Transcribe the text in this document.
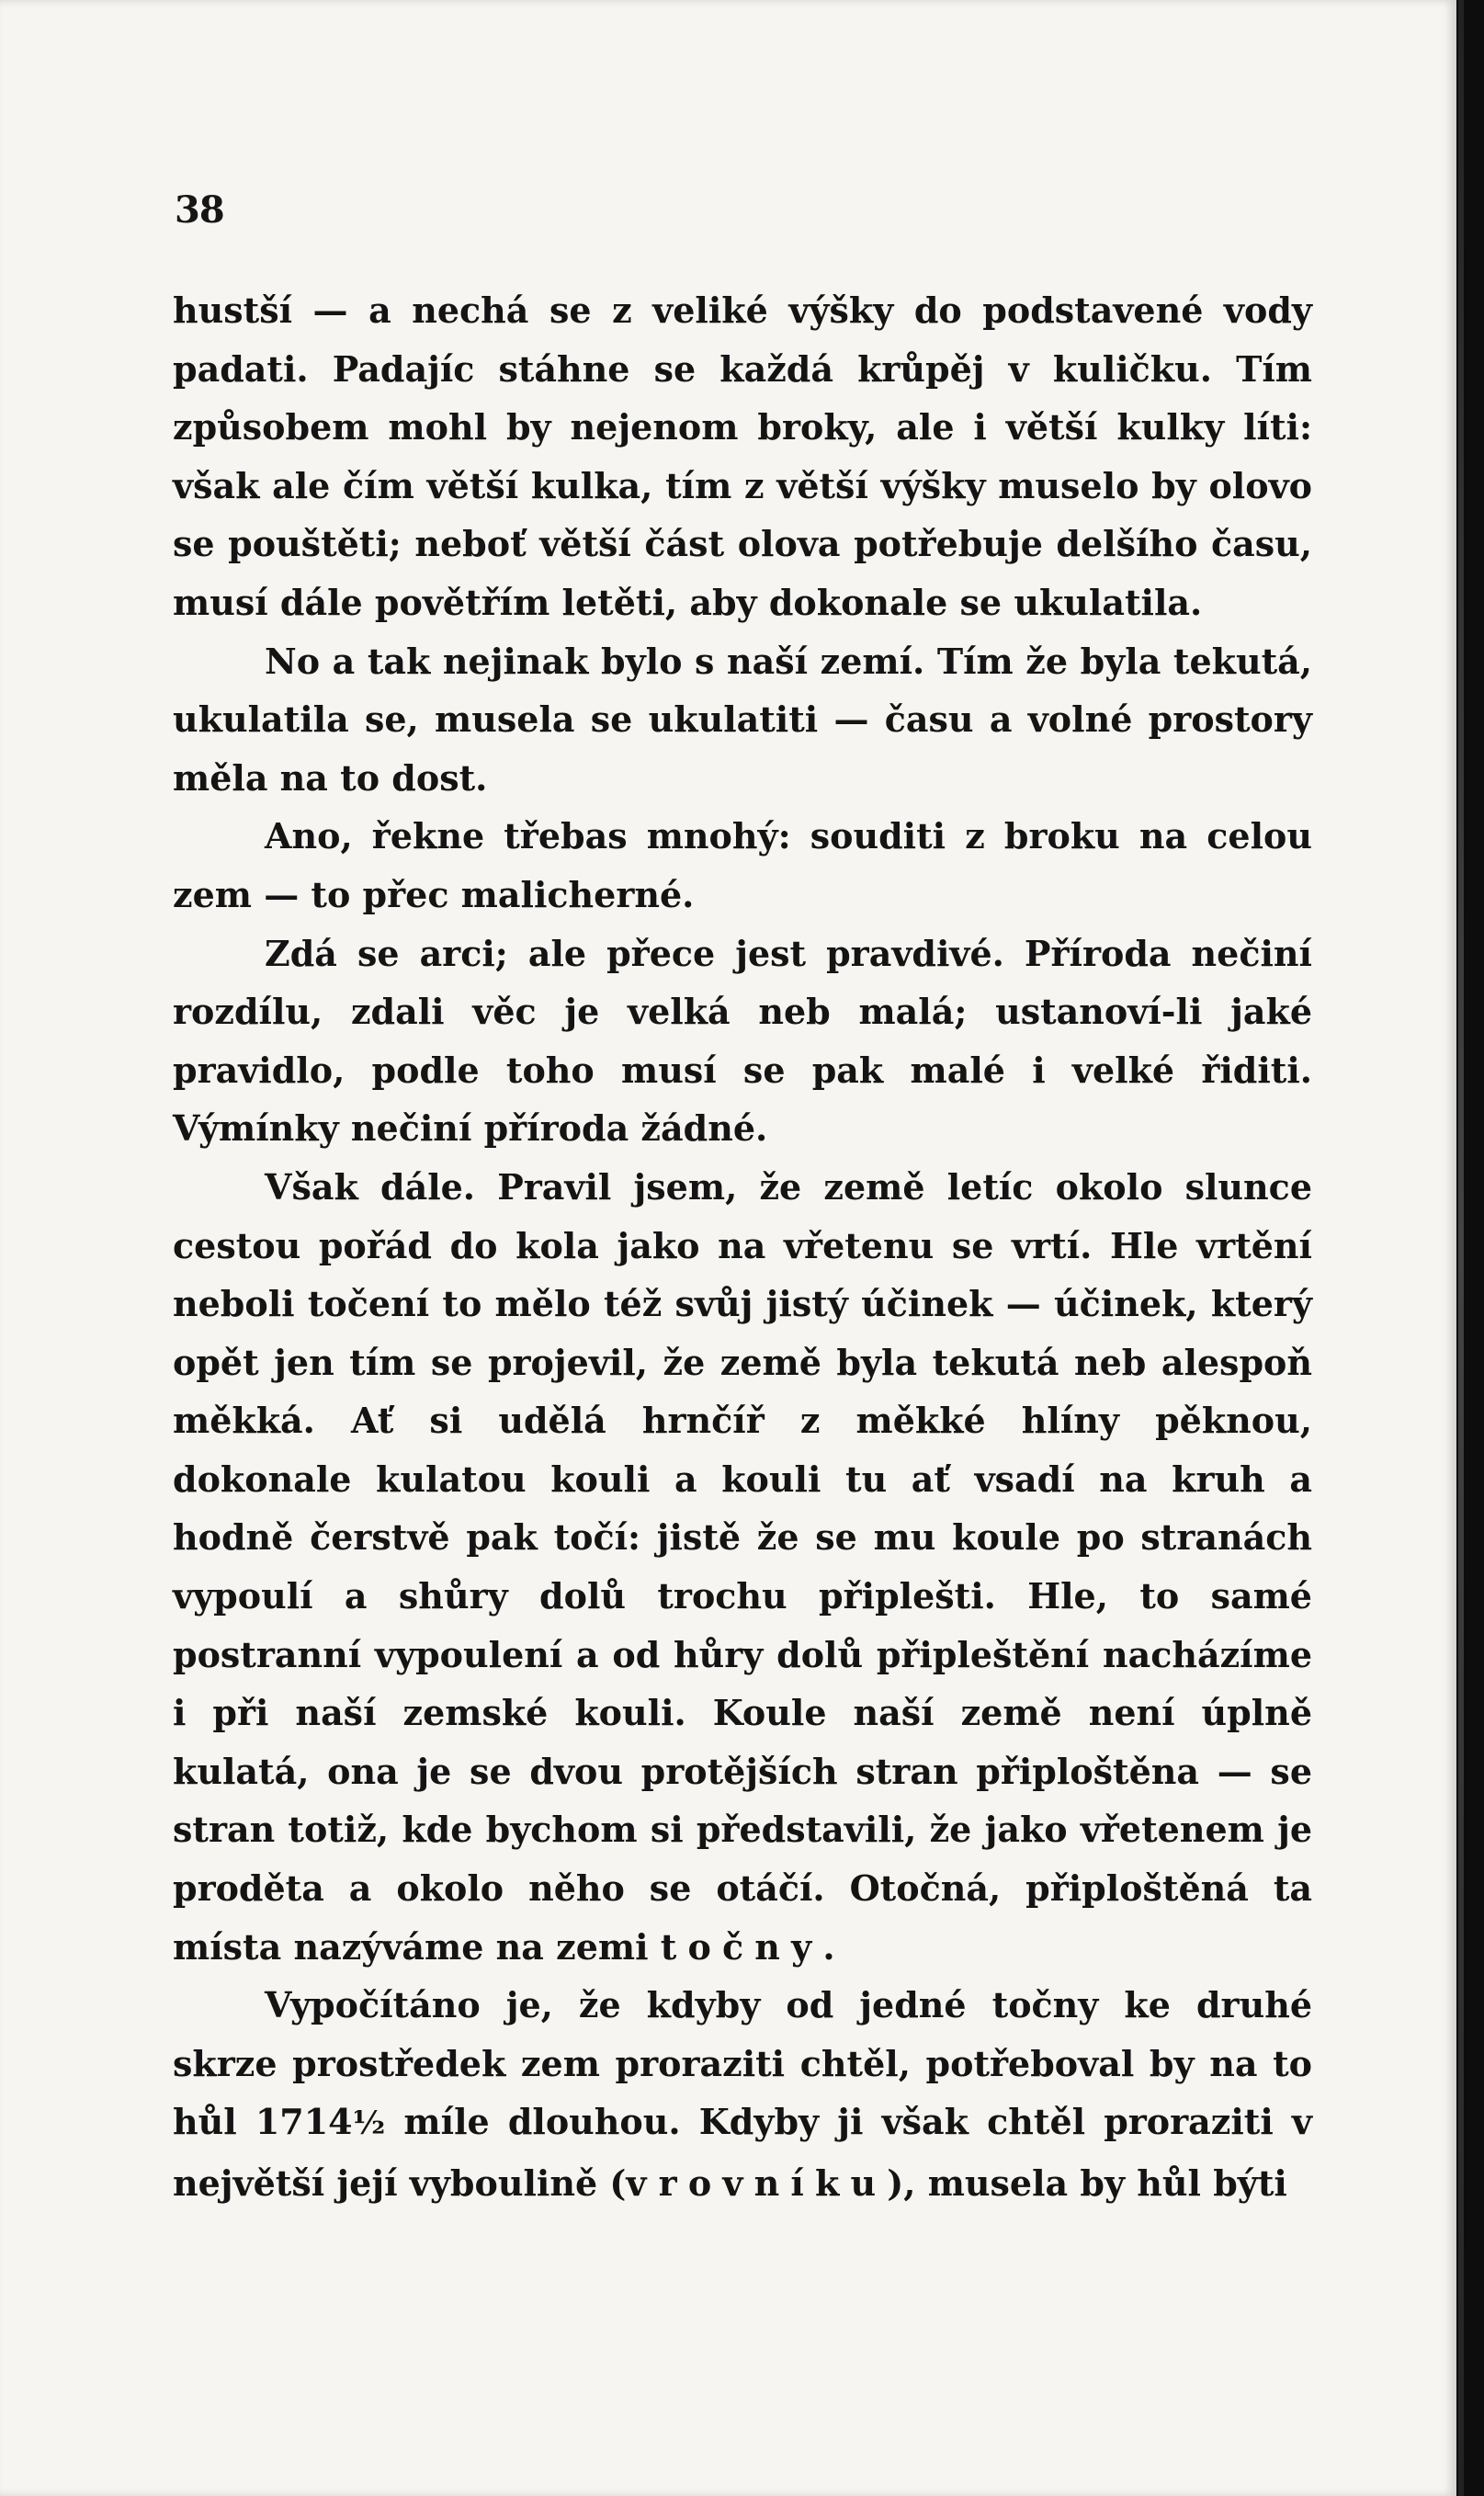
38

hustší — a nechá se z veliké výšky do podstavené vody padati. Padajíc stáhne se každá krůpěj v kuličku. Tím způsobem mohl by nejenom broky, ale i větší kulky líti: však ale čím větší kulka, tím z větší výšky muselo by olovo se pouštěti; neboť větší část olova potřebuje delšího času, musí dále povětřím letěti, aby dokonale se ukulatila.

No a tak nejinak bylo s naší zemí. Tím že byla tekutá, ukulatila se, musela se ukulatiti — času a volné prostory měla na to dost.

Ano, řekne třebas mnohý: souditi z broku na celou zem — to přec malicherné.

Zdá se arci; ale přece jest pravdivé. Příroda nečiní rozdílu, zdali věc je velká neb malá; ustanoví-li jaké pravidlo, podle toho musí se pak malé i velké řiditi. Výmínky nečiní příroda žádné.

Však dále. Pravil jsem, že země letíc okolo slunce cestou pořád do kola jako na vřetenu se vrtí. Hle vrtění neboli točení to mělo též svůj jistý účinek — účinek, který opět jen tím se projevil, že země byla tekutá neb alespoň měkká. Ať si udělá hrnčíř z měkké hlíny pěknou, dokonale kulatou kouli a kouli tu ať vsadí na kruh a hodně čerstvě pak točí: jistě že se mu koule po stranách vypoulí a shůry dolů trochu připlešti. Hle, to samé postranní vypoulení a od hůry dolů připleštění nacházíme i při naší zemské kouli. Koule naší země není úplně kulatá, ona je se dvou protějších stran připloštěna — se stran totiž, kde bychom si představili, že jako vřetenem je proděta a okolo něho se otáčí. Otočná, připloštěná ta místa nazýváme na zemi točny.

Vypočítáno je, že kdyby od jedné točny ke druhé skrze prostředek zem proraziti chtěl, potřeboval by na to hůl 1714½ míle dlouhou. Kdyby ji však chtěl proraziti v největší její vyboulině (v rovníku), musela by hůl býti
